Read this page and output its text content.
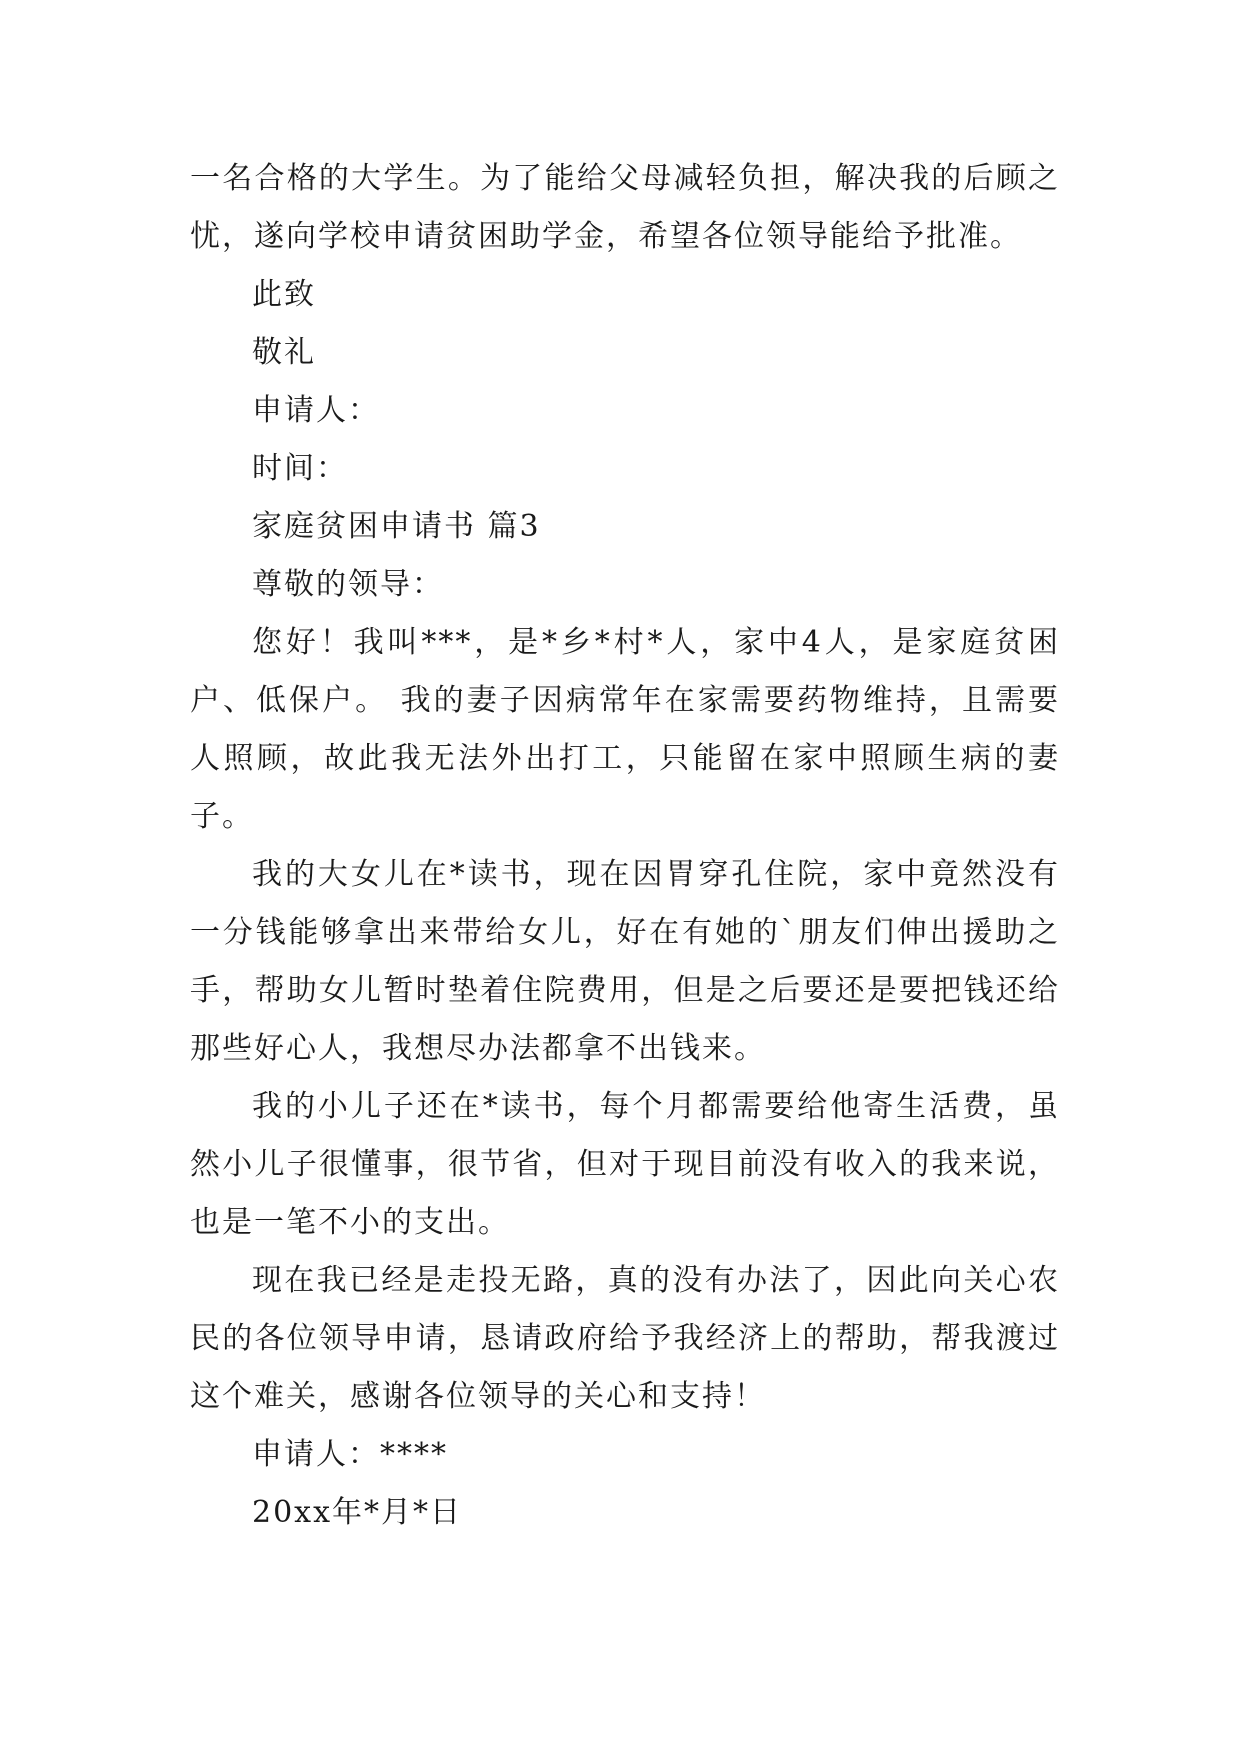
一名合格的大学生。为了能给父母减轻负担，解决我的后顾之忧，遂向学校申请贫困助学金，希望各位领导能给予批准。

此致

敬礼

申请人：

时间：

家庭贫困申请书 篇3

尊敬的领导：

您好！我叫***，是*乡*村*人，家中4人，是家庭贫困户、低保户。 我的妻子因病常年在家需要药物维持，且需要人照顾，故此我无法外出打工，只能留在家中照顾生病的妻子。

我的大女儿在*读书，现在因胃穿孔住院，家中竟然没有一分钱能够拿出来带给女儿，好在有她的`朋友们伸出援助之手，帮助女儿暂时垫着住院费用，但是之后要还是要把钱还给那些好心人，我想尽办法都拿不出钱来。

我的小儿子还在*读书，每个月都需要给他寄生活费，虽然小儿子很懂事，很节省，但对于现目前没有收入的我来说，也是一笔不小的支出。

现在我已经是走投无路，真的没有办法了，因此向关心农民的各位领导申请，恳请政府给予我经济上的帮助，帮我渡过这个难关，感谢各位领导的关心和支持！

申请人：****

20xx年*月*日
